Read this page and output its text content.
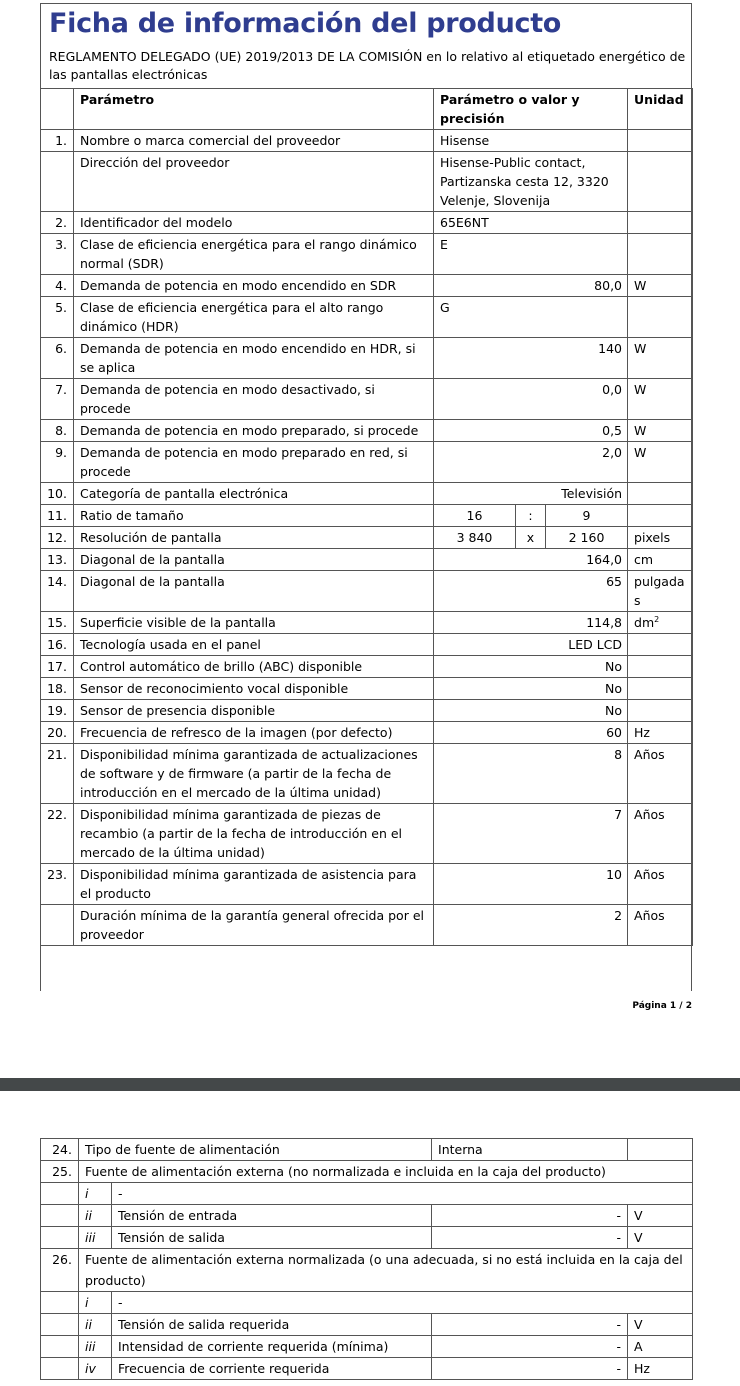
Ficha de información del producto
REGLAMENTO DELEGADO (UE) 2019/2013 DE LA COMISIÓN en lo relativo al etiquetado energético de las pantallas electrónicas
	Parámetro	Parámetro o valor y precisión			Unidad
1.	Nombre o marca comercial del proveedor	Hisense			
	Dirección del proveedor	Hisense-Public contact, Partizanska cesta 12, 3320 Velenje, Slovenija			
2.	Identificador del modelo	65E6NT			
3.	Clase de eficiencia energética para el rango dinámico normal (SDR)	E			
4.	Demanda de potencia en modo encendido en SDR	80,0			W
5.	Clase de eficiencia energética para el alto rango dinámico (HDR)	G			
6.	Demanda de potencia en modo encendido en HDR, si se aplica	140			W
7.	Demanda de potencia en modo desactivado, si procede	0,0			W
8.	Demanda de potencia en modo preparado, si procede	0,5			W
9.	Demanda de potencia en modo preparado en red, si procede	2,0			W
10.	Categoría de pantalla electrónica	Televisión			
11.	Ratio de tamaño	16	:	9	
12.	Resolución de pantalla	3 840	x	2 160	pixels
13.	Diagonal de la pantalla	164,0			cm
14.	Diagonal de la pantalla	65			pulgadas
15.	Superficie visible de la pantalla	114,8			$dm^2$
16.	Tecnología usada en el panel	LED LCD			
17.	Control automático de brillo (ABC) disponible	No			
18.	Sensor de reconocimiento vocal disponible	No			
19.	Sensor de presencia disponible	No			
20.	Frecuencia de refresco de la imagen (por defecto)	60			Hz
21.	Disponibilidad mínima garantizada de actualizaciones de software y de firmware (a partir de la fecha de introducción en el mercado de la última unidad)	8			Años
22.	Disponibilidad mínima garantizada de piezas de recambio (a partir de la fecha de introducción en el mercado de la última unidad)	7			Años
23.	Disponibilidad mínima garantizada de asistencia para el producto	10			Años
	Duración mínima de la garantía general ofrecida por el proveedor	2			Años
Página 1 / 2
24.	Tipo de fuente de alimentación		Interna	
25.	Fuente de alimentación externa (no normalizada e incluida en la caja del producto)			
	i	-		
	ii	Tensión de entrada	-	V
	iii	Tensión de salida	-	V
26.	Fuente de alimentación externa normalizada (o una adecuada, si no está incluida en la caja del producto)			
	i	-		
	ii	Tensión de salida requerida	-	V
	iii	Intensidad de corriente requerida (mínima)	-	A
	iv	Frecuencia de corriente requerida	-	Hz
